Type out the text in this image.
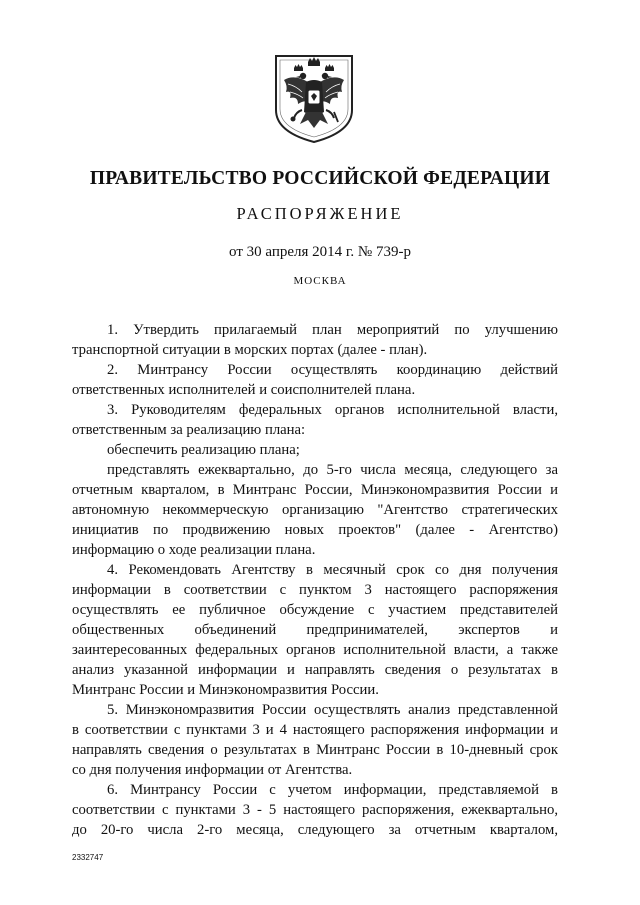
ПРАВИТЕЛЬСТВО РОССИЙСКОЙ ФЕДЕРАЦИИ
РАСПОРЯЖЕНИЕ
от 30 апреля 2014 г. № 739-р
МОСКВА
1. Утвердить прилагаемый план мероприятий по улучшению
транспортной ситуации в морских портах (далее - план).
2. Минтрансу России осуществлять координацию действий
ответственных исполнителей и соисполнителей плана.
3. Руководителям федеральных органов исполнительной власти,
ответственным за реализацию плана:
обеспечить реализацию плана;
представлять ежеквартально, до 5-го числа месяца, следующего за
отчетным кварталом, в Минтранс России, Минэкономразвития России и
автономную некоммерческую организацию "Агентство стратегических
инициатив по продвижению новых проектов" (далее - Агентство)
информацию о ходе реализации плана.
4. Рекомендовать Агентству в месячный срок со дня получения
информации в соответствии с пунктом 3 настоящего распоряжения
осуществлять ее публичное обсуждение с участием представителей
общественных объединений предпринимателей, экспертов и
заинтересованных федеральных органов исполнительной власти, а также
анализ указанной информации и направлять сведения о результатах в
Минтранс России и Минэкономразвития России.
5. Минэкономразвития России осуществлять анализ представленной
в соответствии с пунктами 3 и 4 настоящего распоряжения информации и
направлять сведения о результатах в Минтранс России в 10-дневный срок
со дня получения информации от Агентства.
6. Минтрансу России с учетом информации, представляемой в
соответствии с пунктами 3 - 5 настоящего распоряжения, ежеквартально,
до 20-го числа 2-го месяца, следующего за отчетным кварталом,
2332747
